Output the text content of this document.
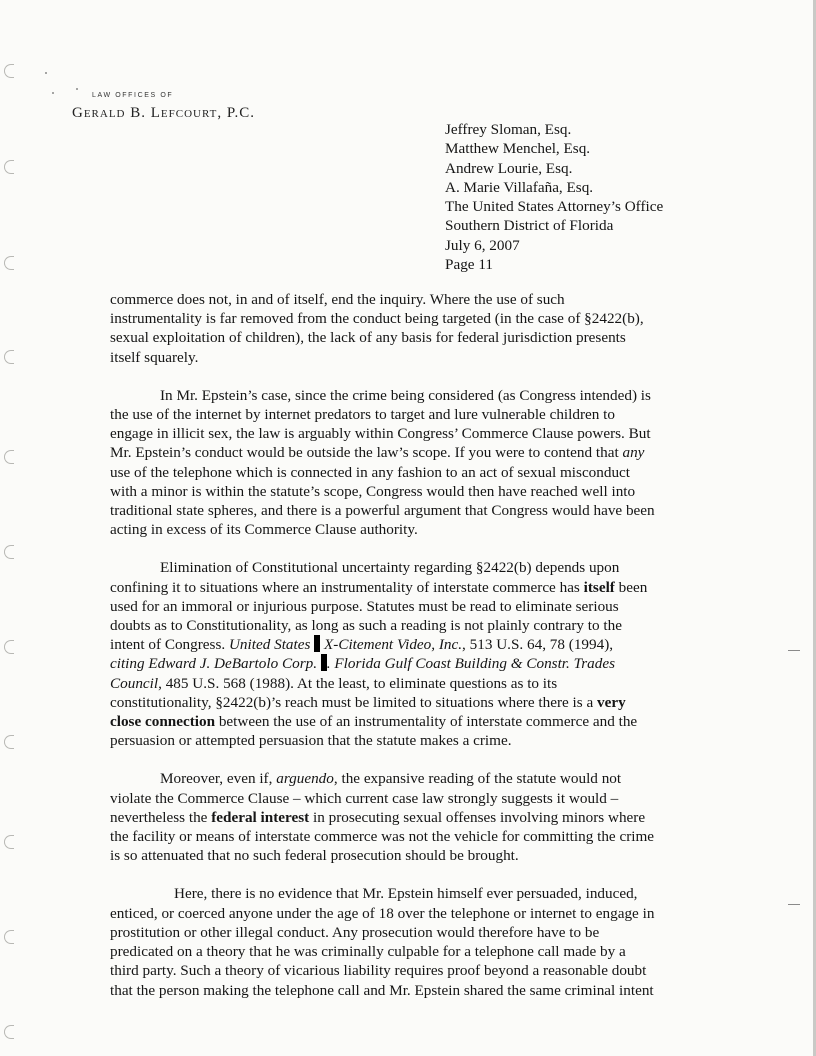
LAW OFFICES OF
Gerald B. Lefcourt, P.C.
Jeffrey Sloman, Esq.
Matthew Menchel, Esq.
Andrew Lourie, Esq.
A. Marie Villafaña, Esq.
The United States Attorney’s Office
Southern District of Florida
July 6, 2007
Page 11
commerce does not, in and of itself, end the inquiry. Where the use of such
instrumentality is far removed from the conduct being targeted (in the case of §2422(b),
sexual exploitation of children), the lack of any basis for federal jurisdiction presents
itself squarely.
In Mr. Epstein’s case, since the crime being considered (as Congress intended) is
the use of the internet by internet predators to target and lure vulnerable children to
engage in illicit sex, the law is arguably within Congress’ Commerce Clause powers. But
Mr. Epstein’s conduct would be outside the law’s scope. If you were to contend that any
use of the telephone which is connected in any fashion to an act of sexual misconduct
with a minor is within the statute’s scope, Congress would then have reached well into
traditional state spheres, and there is a powerful argument that Congress would have been
acting in excess of its Commerce Clause authority.
Elimination of Constitutional uncertainty regarding §2422(b) depends upon
confining it to situations where an instrumentality of interstate commerce has itself been
used for an immoral or injurious purpose. Statutes must be read to eliminate serious
doubts as to Constitutionality, as long as such a reading is not plainly contrary to the
intent of Congress. United States  X-Citement Video, Inc., 513 U.S. 64, 78 (1994),
citing Edward J. DeBartolo Corp. . Florida Gulf Coast Building & Constr. Trades
Council, 485 U.S. 568 (1988). At the least, to eliminate questions as to its
constitutionality, §2422(b)’s reach must be limited to situations where there is a very
close connection between the use of an instrumentality of interstate commerce and the
persuasion or attempted persuasion that the statute makes a crime.
Moreover, even if, arguendo, the expansive reading of the statute would not
violate the Commerce Clause – which current case law strongly suggests it would –
nevertheless the federal interest in prosecuting sexual offenses involving minors where
the facility or means of interstate commerce was not the vehicle for committing the crime
is so attenuated that no such federal prosecution should be brought.
Here, there is no evidence that Mr. Epstein himself ever persuaded, induced,
enticed, or coerced anyone under the age of 18 over the telephone or internet to engage in
prostitution or other illegal conduct. Any prosecution would therefore have to be
predicated on a theory that he was criminally culpable for a telephone call made by a
third party. Such a theory of vicarious liability requires proof beyond a reasonable doubt
that the person making the telephone call and Mr. Epstein shared the same criminal intent
